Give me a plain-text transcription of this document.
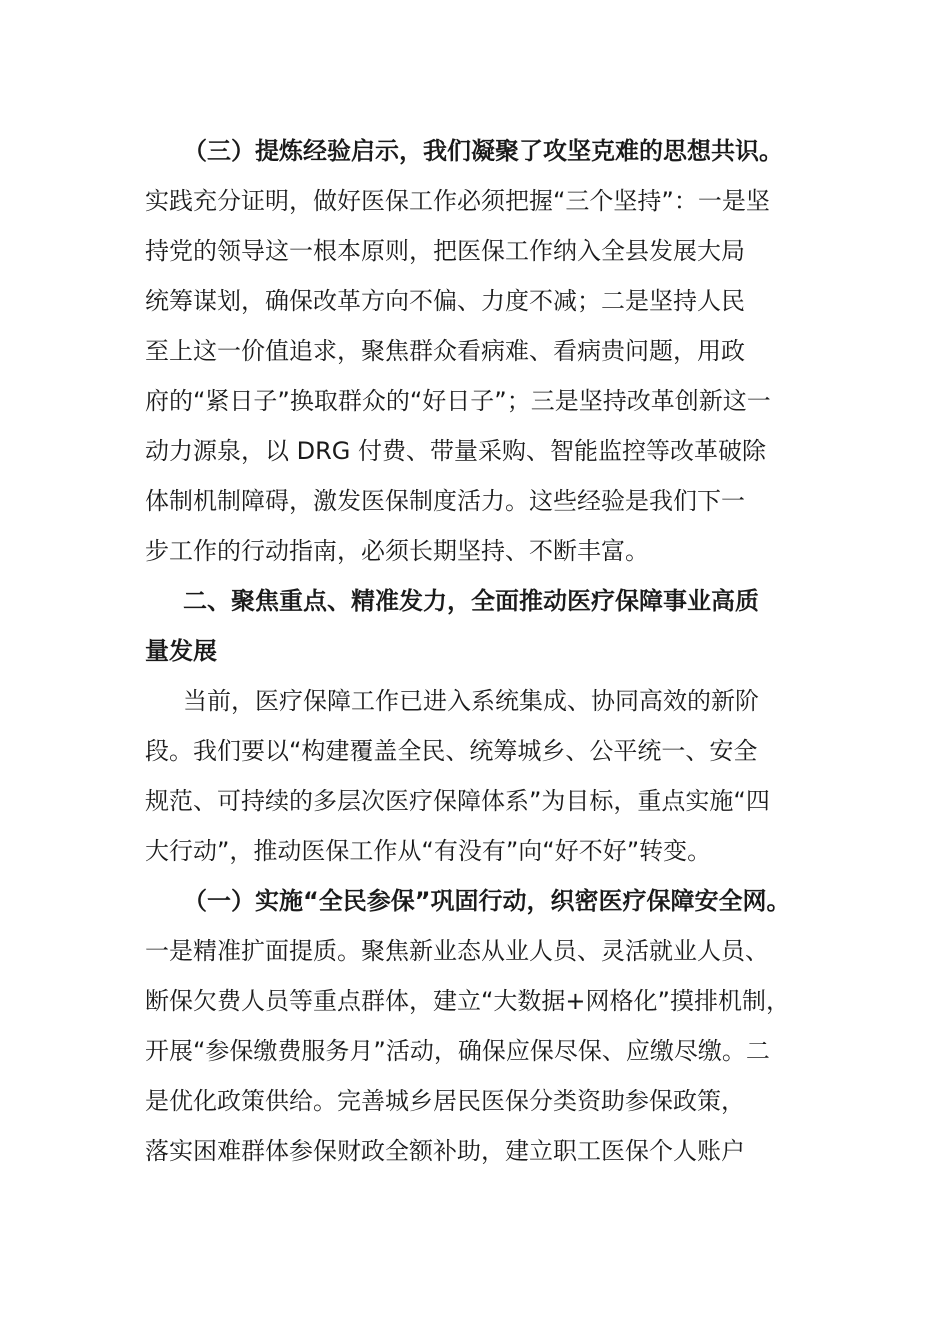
（三）提炼经验启示，我们凝聚了攻坚克难的思想共识。
实践充分证明，做好医保工作必须把握“三个坚持”：一是坚
持党的领导这一根本原则，把医保工作纳入全县发展大局
统筹谋划，确保改革方向不偏、力度不减；二是坚持人民
至上这一价值追求，聚焦群众看病难、看病贵问题，用政
府的“紧日子”换取群众的“好日子”；三是坚持改革创新这一
动力源泉，以 DRG 付费、带量采购、智能监控等改革破除
体制机制障碍，激发医保制度活力。这些经验是我们下一
步工作的行动指南，必须长期坚持、不断丰富。
二、聚焦重点、精准发力，全面推动医疗保障事业高质
量发展
当前，医疗保障工作已进入系统集成、协同高效的新阶
段。我们要以“构建覆盖全民、统筹城乡、公平统一、安全
规范、可持续的多层次医疗保障体系”为目标，重点实施“四
大行动”，推动医保工作从“有没有”向“好不好”转变。
（一）实施“全民参保”巩固行动，织密医疗保障安全网。
一是精准扩面提质。聚焦新业态从业人员、灵活就业人员、
断保欠费人员等重点群体，建立“大数据+网格化”摸排机制，
开展“参保缴费服务月”活动，确保应保尽保、应缴尽缴。二
是优化政策供给。完善城乡居民医保分类资助参保政策，
落实困难群体参保财政全额补助，建立职工医保个人账户
